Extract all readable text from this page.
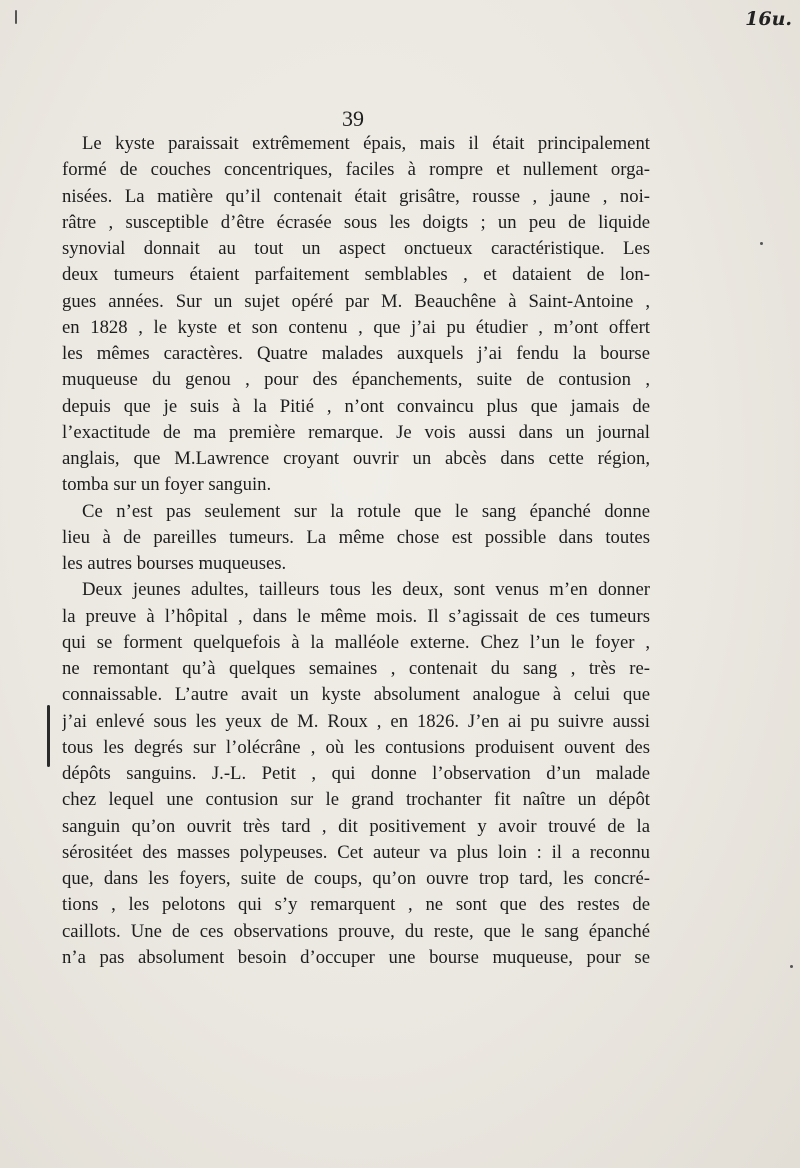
16u.
39
Le kyste paraissait extrêmement épais, mais il était principalement
formé de couches concentriques, faciles à rompre et nullement orga-
nisées. La matière qu’il contenait était grisâtre, rousse , jaune , noi-
râtre , susceptible d’être écrasée sous les doigts ; un peu de liquide
synovial donnait au tout un aspect onctueux caractéristique. Les
deux tumeurs étaient parfaitement semblables , et dataient de lon-
gues années. Sur un sujet opéré par M. Beauchêne à Saint-Antoine ,
en 1828 , le kyste et son contenu , que j’ai pu étudier , m’ont offert
les mêmes caractères. Quatre malades auxquels j’ai fendu la bourse
muqueuse du genou , pour des épanchements, suite de contusion ,
depuis que je suis à la Pitié , n’ont convaincu plus que jamais de
l’exactitude de ma première remarque. Je vois aussi dans un journal
anglais, que M.Lawrence croyant ouvrir un abcès dans cette région,
tomba sur un foyer sanguin.
Ce n’est pas seulement sur la rotule que le sang épanché donne
lieu à de pareilles tumeurs. La même chose est possible dans toutes
les autres bourses muqueuses.
Deux jeunes adultes, tailleurs tous les deux, sont venus m’en donner
la preuve à l’hôpital , dans le même mois. Il s’agissait de ces tumeurs
qui se forment quelquefois à la malléole externe. Chez l’un le foyer ,
ne remontant qu’à quelques semaines , contenait du sang , très re-
connaissable. L’autre avait un kyste absolument analogue à celui que
j’ai enlevé sous les yeux de M. Roux , en 1826. J’en ai pu suivre aussi
tous les degrés sur l’olécrâne , où les contusions produisent ouvent des
dépôts sanguins. J.-L. Petit , qui donne l’observation d’un malade
chez lequel une contusion sur le grand trochanter fit naître un dépôt
sanguin qu’on ouvrit très tard , dit positivement y avoir trouvé de la
sérositéet des masses polypeuses. Cet auteur va plus loin : il a reconnu
que, dans les foyers, suite de coups, qu’on ouvre trop tard, les concré-
tions , les pelotons qui s’y remarquent , ne sont que des restes de
caillots. Une de ces observations prouve, du reste, que le sang épanché
n’a pas absolument besoin d’occuper une bourse muqueuse, pour se
